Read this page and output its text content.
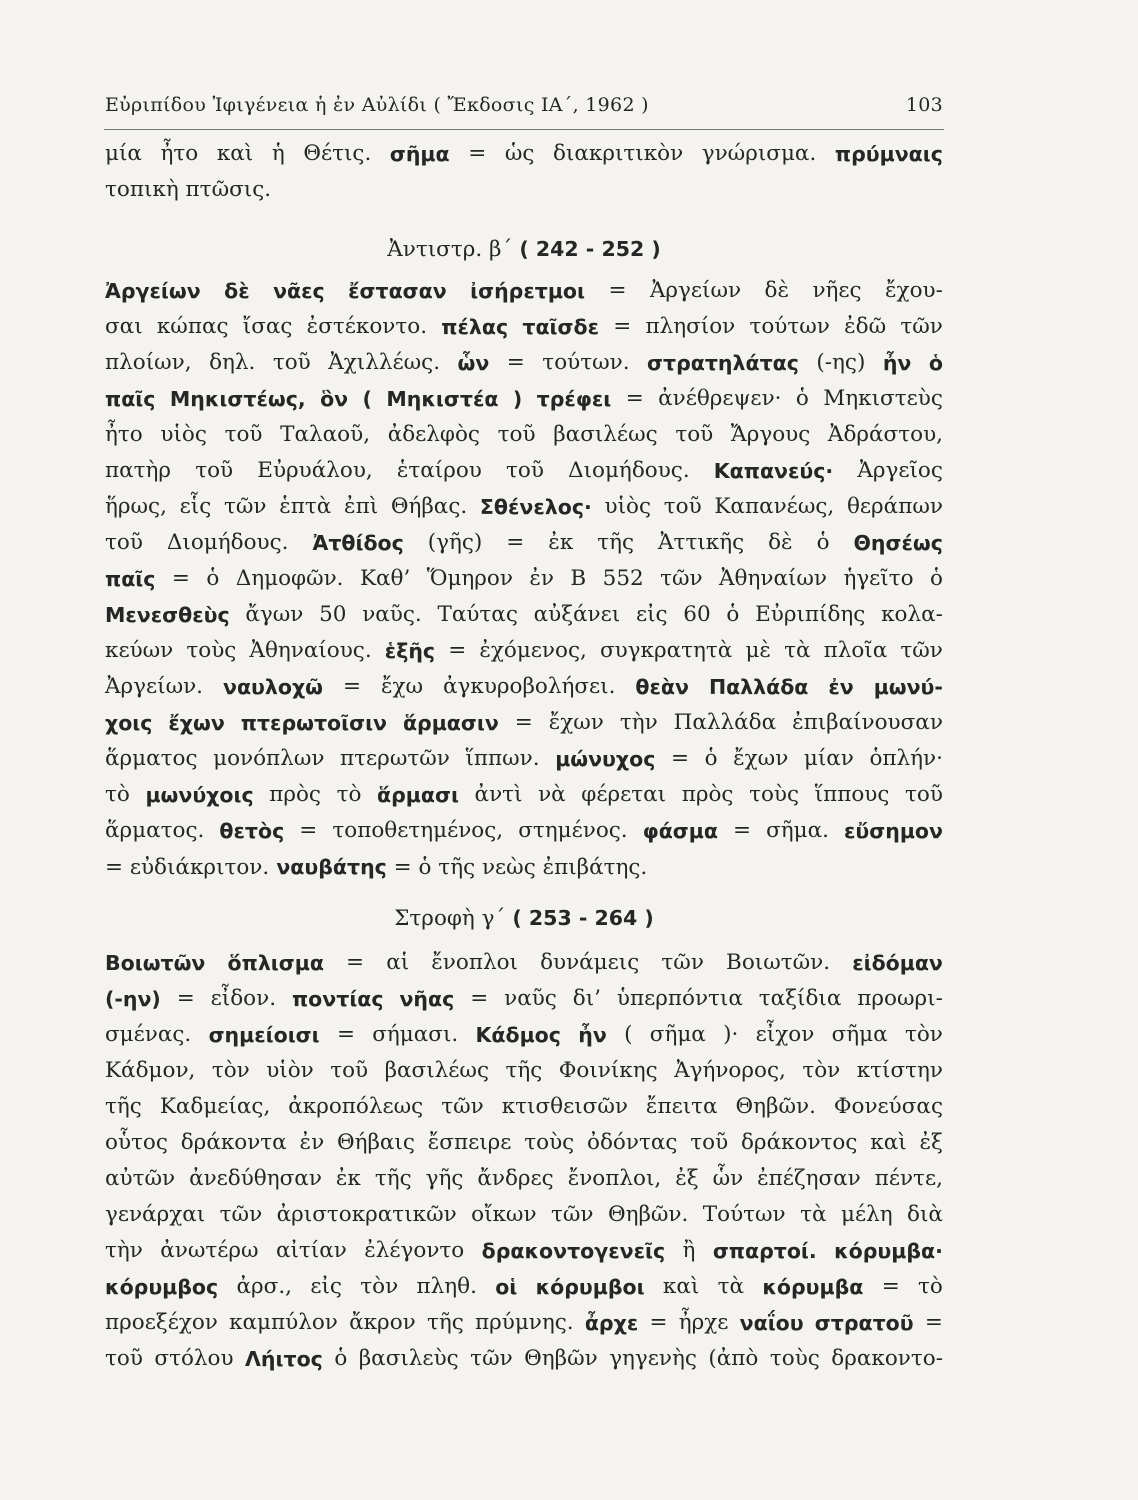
Εὐριπίδου Ἰφιγένεια ἡ ἐν Αὐλίδι ( Ἔκδοσις ΙΑ΄, 1962 )	103
μία ἦτο καὶ ἡ Θέτις. σῆμα = ὡς διακριτικὸν γνώρισμα. πρύμναις
τοπικὴ πτῶσις.
Ἀντιστρ. β΄ ( 242 - 252 )
Ἀργείων δὲ νᾶες ἔστασαν ἰσήρετμοι = Ἀργείων δὲ νῆες ἔχου-
σαι κώπας ἴσας ἐστέκοντο. πέλας ταῖσδε = πλησίον τούτων ἐδῶ τῶν
πλοίων, δηλ. τοῦ Ἀχιλλέως. ὧν = τούτων. στρατηλάτας (-ης) ἦν ὁ
παῖς Μηκιστέως, ὃν ( Μηκιστέα ) τρέφει = ἀνέθρεψεν· ὁ Μηκιστεὺς
ἦτο υἱὸς τοῦ Ταλαοῦ, ἀδελφὸς τοῦ βασιλέως τοῦ Ἄργους Ἀδράστου,
πατὴρ τοῦ Εὐρυάλου, ἑταίρου τοῦ Διομήδους. Καπανεύς· Ἀργεῖος
ἥρως, εἷς τῶν ἑπτὰ ἐπὶ Θήβας. Σθένελος· υἱὸς τοῦ Καπανέως, θεράπων
τοῦ Διομήδους. Ἀτθίδος (γῆς) = ἐκ τῆς Ἀττικῆς δὲ ὁ Θησέως
παῖς = ὁ Δημοφῶν. Καθ’ Ὅμηρον ἐν Β 552 τῶν Ἀθηναίων ἡγεῖτο ὁ
Μενεσθεὺς ἄγων 50 ναῦς. Ταύτας αὐξάνει εἰς 60 ὁ Εὐριπίδης κολα-
κεύων τοὺς Ἀθηναίους. ἑξῆς = ἐχόμενος, συγκρατητὰ μὲ τὰ πλοῖα τῶν
Ἀργείων. ναυλοχῶ = ἔχω ἀγκυροβολήσει. θεὰν Παλλάδα ἐν μωνύ-
χοις ἔχων πτερωτοῖσιν ἅρμασιν = ἔχων τὴν Παλλάδα ἐπιβαίνουσαν
ἅρματος μονόπλων πτερωτῶν ἵππων. μώνυχος = ὁ ἔχων μίαν ὁπλήν·
τὸ μωνύχοις πρὸς τὸ ἅρμασι ἀντὶ νὰ φέρεται πρὸς τοὺς ἵππους τοῦ
ἅρματος. θετὸς = τοποθετημένος, στημένος. φάσμα = σῆμα. εὔσημον
= εὐδιάκριτον. ναυβάτης = ὁ τῆς νεὼς ἐπιβάτης.
Στροφὴ γ΄ ( 253 - 264 )
Βοιωτῶν ὅπλισμα = αἱ ἔνοπλοι δυνάμεις τῶν Βοιωτῶν. εἰδόμαν
(-ην) = εἶδον. ποντίας νῆας = ναῦς δι’ ὑπερπόντια ταξίδια προωρι-
σμένας. σημείοισι = σήμασι. Κάδμος ἦν ( σῆμα )· εἶχον σῆμα τὸν
Κάδμον, τὸν υἱὸν τοῦ βασιλέως τῆς Φοινίκης Ἀγήνορος, τὸν κτίστην
τῆς Καδμείας, ἀκροπόλεως τῶν κτισθεισῶν ἔπειτα Θηβῶν. Φονεύσας
οὗτος δράκοντα ἐν Θήβαις ἔσπειρε τοὺς ὀδόντας τοῦ δράκοντος καὶ ἐξ
αὐτῶν ἀνεδύθησαν ἐκ τῆς γῆς ἄνδρες ἔνοπλοι, ἐξ ὧν ἐπέζησαν πέντε,
γενάρχαι τῶν ἀριστοκρατικῶν οἴκων τῶν Θηβῶν. Τούτων τὰ μέλη διὰ
τὴν ἀνωτέρω αἰτίαν ἐλέγοντο δρακοντογενεῖς ἢ σπαρτοί. κόρυμβα·
κόρυμβος ἀρσ., εἰς τὸν πληθ. οἱ κόρυμβοι καὶ τὰ κόρυμβα = τὸ
προεξέχον καμπύλον ἄκρον τῆς πρύμνης. ἆρχε = ἦρχε ναΐου στρατοῦ =
τοῦ στόλου Λήιτος ὁ βασιλεὺς τῶν Θηβῶν γηγενὴς (ἀπὸ τοὺς δρακοντο-
